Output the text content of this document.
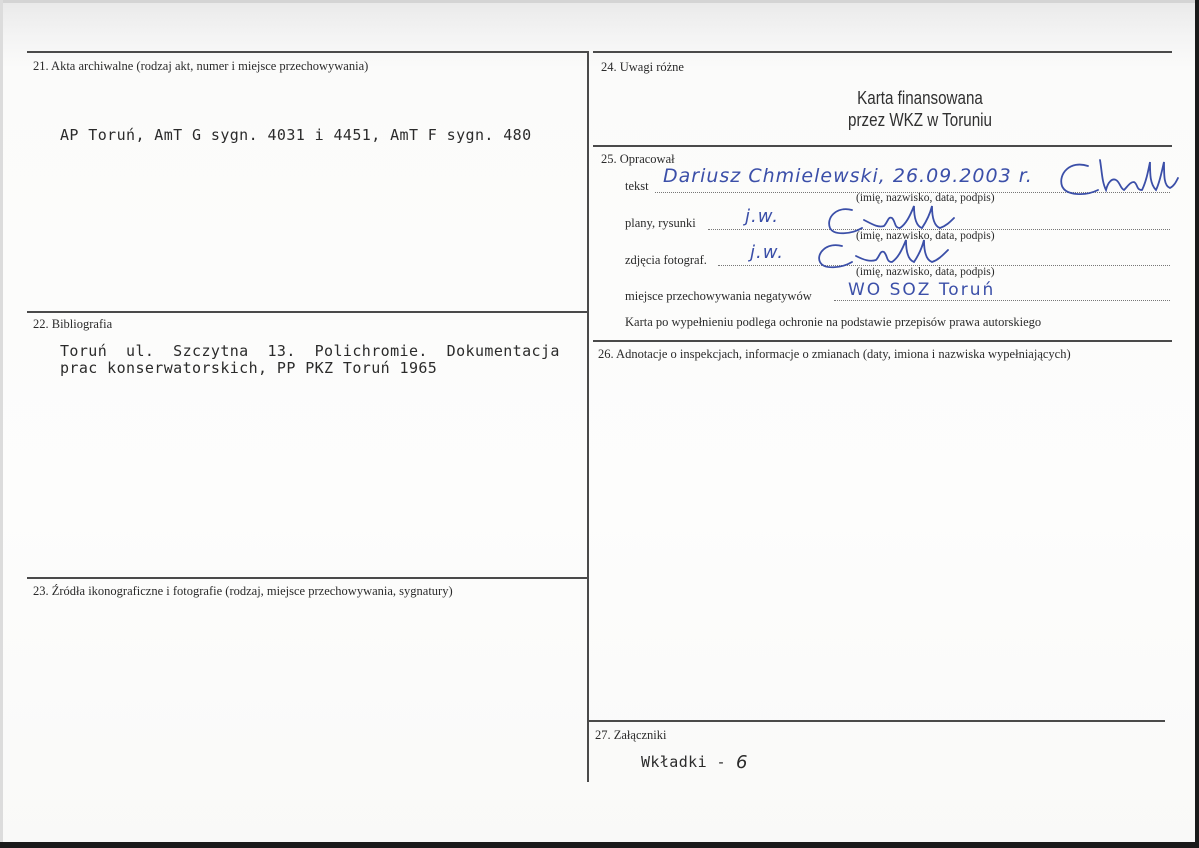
21. Akta archiwalne (rodzaj akt, numer i miejsce przechowywania)
AP Toruń, AmT G sygn. 4031 i 4451, AmT F sygn. 480
22. Bibliografia
Toruń  ul.  Szczytna  13.  Polichromie.  Dokumentacja
prac konserwatorskich, PP PKZ Toruń 1965
23. Źródła ikonograficzne i fotografie (rodzaj, miejsce przechowywania, sygnatury)
24. Uwagi różne
Karta finansowana
przez WKZ w Toruniu
25. Opracował
tekst Dariusz Chmielewski, 26.09.2003 r.
(imię, nazwisko, data, podpis)
plany, rysunki	j.w.
(imię, nazwisko, data, podpis)
zdjęcia fotograf. j.w.
(imię, nazwisko, data, podpis)
miejsce przechowywania negatywów WO SOZ Toruń
Karta po wypełnieniu podlega ochronie na podstawie przepisów prawa autorskiego
26. Adnotacje o inspekcjach, informacje o zmianach (daty, imiona i nazwiska wypełniających)
27. Załączniki
Wkładki - 6
